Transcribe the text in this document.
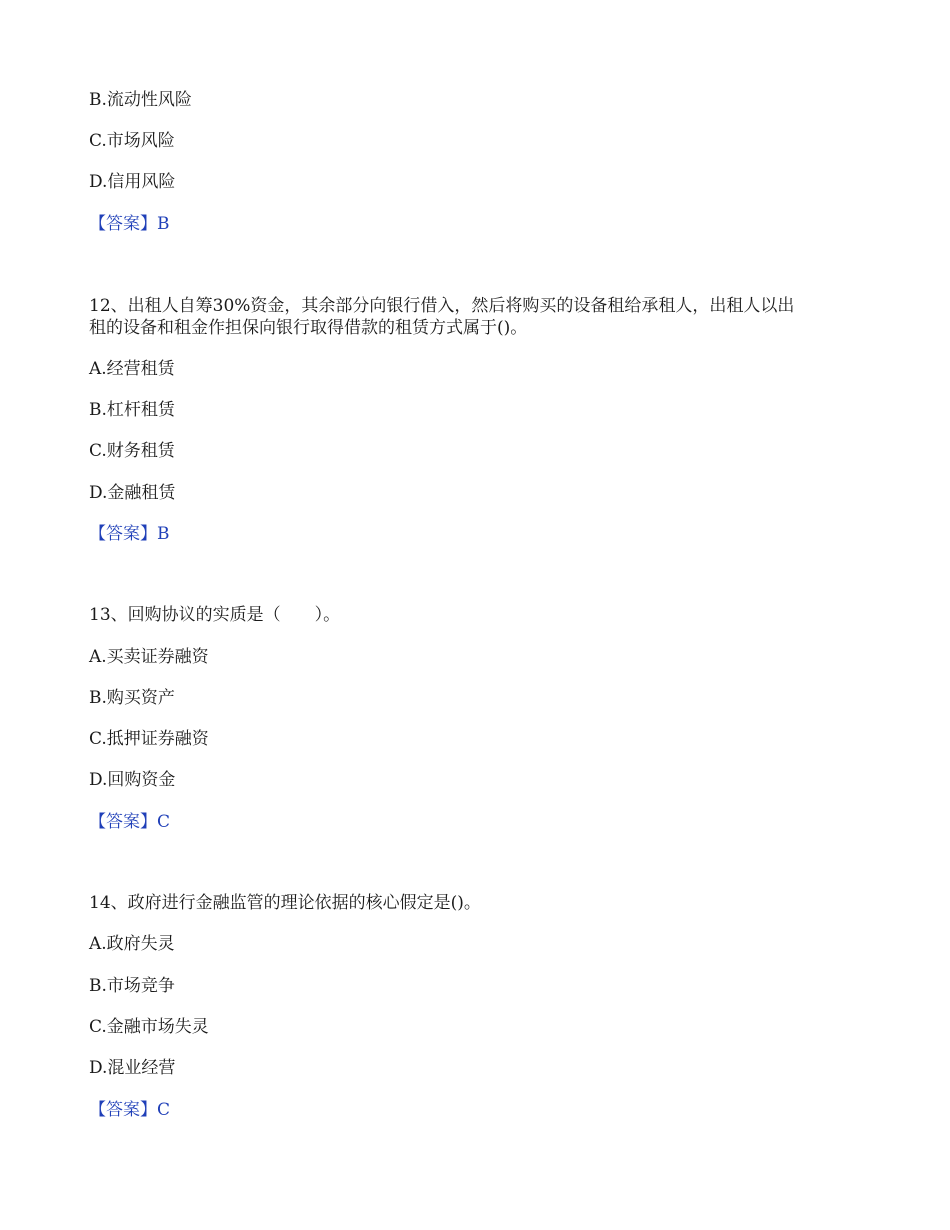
B.流动性风险
C.市场风险
D.信用风险
【答案】B
12、出租人自筹30%资金，其余部分向银行借入，然后将购买的设备租给承租人，出租人以出
租的设备和租金作担保向银行取得借款的租赁方式属于()。
A.经营租赁
B.杠杆租赁
C.财务租赁
D.金融租赁
【答案】B
13、回购协议的实质是（　　）。
A.买卖证券融资
B.购买资产
C.抵押证券融资
D.回购资金
【答案】C
14、政府进行金融监管的理论依据的核心假定是()。
A.政府失灵
B.市场竞争
C.金融市场失灵
D.混业经营
【答案】C
